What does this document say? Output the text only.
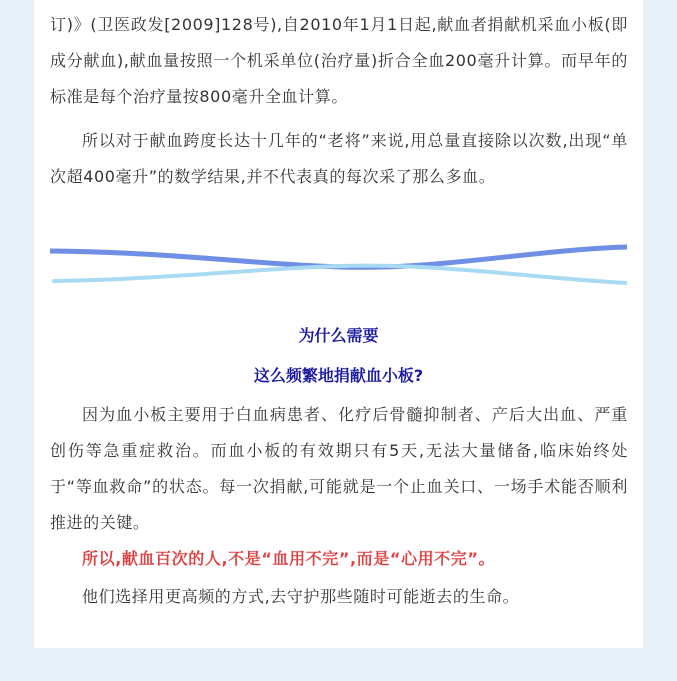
订)》(卫医政发[2009]128号),自2010年1月1日起,献血者捐献机采血小板(即成分献血),献血量按照一个机采单位(治疗量)折合全血200毫升计算。而早年的标准是每个治疗量按800毫升全血计算。

所以对于献血跨度长达十几年的“老将”来说,用总量直接除以次数,出现“单次超400毫升”的数学结果,并不代表真的每次采了那么多血。

为什么需要

这么频繁地捐献血小板?

因为血小板主要用于白血病患者、化疗后骨髓抑制者、产后大出血、严重创伤等急重症救治。而血小板的有效期只有5天,无法大量储备,临床始终处于“等血救命”的状态。每一次捐献,可能就是一个止血关口、一场手术能否顺利推进的关键。

所以,献血百次的人,不是“血用不完”,而是“心用不完”。

他们选择用更高频的方式,去守护那些随时可能逝去的生命。
